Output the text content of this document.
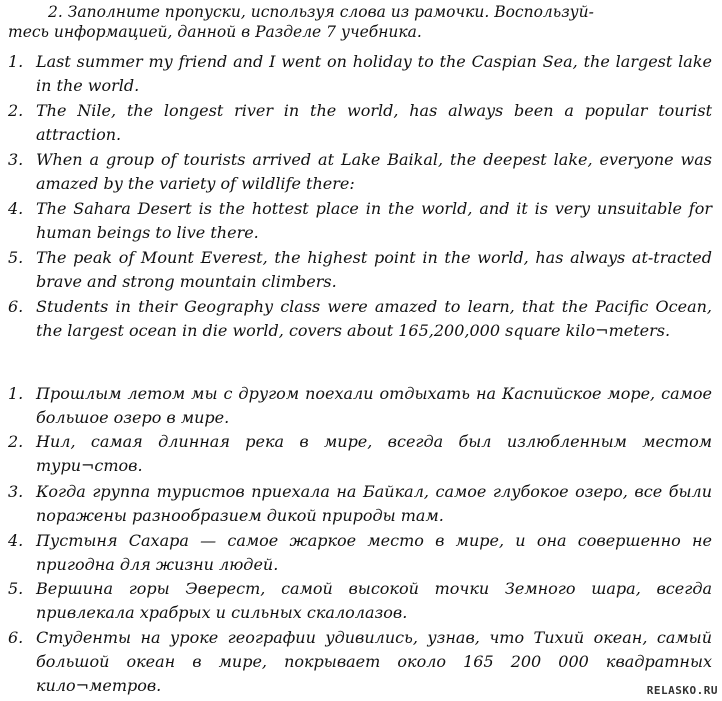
2. Заполните пропуски, используя слова из рамочки. Воспользуй-
тесь информацией, данной в Разделе 7 учебника.
1. Last summer my friend and I went on holiday to the Caspian Sea, the largest lake in the world.
2. The Nile, the longest river in the world, has always been a popular tourist attraction.
3. When a group of tourists arrived at Lake Baikal, the deepest lake, everyone was amazed by the variety of wildlife there:
4. The Sahara Desert is the hottest place in the world, and it is very unsuitable for human beings to live there.
5. The peak of Mount Everest, the highest point in the world, has always at-tracted brave and strong mountain climbers.
6. Students in their Geography class were amazed to learn, that the Pacific Ocean, the largest ocean in die world, covers about 165,200,000 square kilo¬meters.
1. Прошлым летом мы с другом поехали отдыхать на Каспийское море, самое большое озеро в мире.
2. Нил, самая длинная река в мире, всегда был излюбленным местом тури¬стов.
3. Когда группа туристов приехала на Байкал, самое глубокое озеро, все были поражены разнообразием дикой природы там.
4. Пустыня Сахара — самое жаркое место в мире, и она совершенно не пригодна для жизни людей.
5. Вершина горы Эверест, самой высокой точки Земного шара, всегда привлекала храбрых и сильных скалолазов.
6. Студенты на уроке географии удивились, узнав, что Тихий океан, самый большой океан в мире, покрывает около 165 200 000 квадратных кило¬метров.	RELASKO.RU
